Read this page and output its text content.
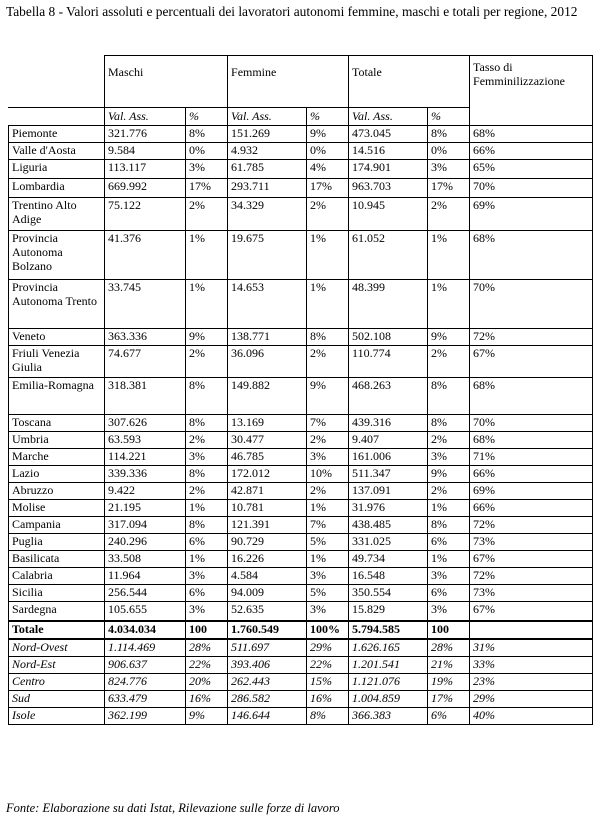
Tabella 8 - Valori assoluti e percentuali dei lavoratori autonomi femmine, maschi e totali per regione, 2012
	Maschi		Femmine		Totale		Tasso di Femminilizzazione
	Val. Ass.	%	Val. Ass.	%	Val. Ass.	%	
Piemonte	321.776	8%	151.269	9%	473.045	8%	68%
Valle d'Aosta	9.584	0%	4.932	0%	14.516	0%	66%
Liguria	113.117	3%	61.785	4%	174.901	3%	65%
Lombardia	669.992	17%	293.711	17%	963.703	17%	70%
Trentino Alto Adige	75.122	2%	34.329	2%	10.945	2%	69%
Provincia Autonoma Bolzano	41.376	1%	19.675	1%	61.052	1%	68%
Provincia Autonoma Trento	33.745	1%	14.653	1%	48.399	1%	70%
Veneto	363.336	9%	138.771	8%	502.108	9%	72%
Friuli Venezia Giulia	74.677	2%	36.096	2%	110.774	2%	67%
Emilia-Romagna	318.381	8%	149.882	9%	468.263	8%	68%
Toscana	307.626	8%	13.169	7%	439.316	8%	70%
Umbria	63.593	2%	30.477	2%	9.407	2%	68%
Marche	114.221	3%	46.785	3%	161.006	3%	71%
Lazio	339.336	8%	172.012	10%	511.347	9%	66%
Abruzzo	9.422	2%	42.871	2%	137.091	2%	69%
Molise	21.195	1%	10.781	1%	31.976	1%	66%
Campania	317.094	8%	121.391	7%	438.485	8%	72%
Puglia	240.296	6%	90.729	5%	331.025	6%	73%
Basilicata	33.508	1%	16.226	1%	49.734	1%	67%
Calabria	11.964	3%	4.584	3%	16.548	3%	72%
Sicilia	256.544	6%	94.009	5%	350.554	6%	73%
Sardegna	105.655	3%	52.635	3%	15.829	3%	67%
Totale	4.034.034	100	1.760.549	100%	5.794.585	100	
Nord-Ovest	1.114.469	28%	511.697	29%	1.626.165	28%	31%
Nord-Est	906.637	22%	393.406	22%	1.201.541	21%	33%
Centro	824.776	20%	262.443	15%	1.121.076	19%	23%
Sud	633.479	16%	286.582	16%	1.004.859	17%	29%
Isole	362.199	9%	146.644	8%	366.383	6%	40%
Fonte: Elaborazione su dati Istat, Rilevazione sulle forze di lavoro
